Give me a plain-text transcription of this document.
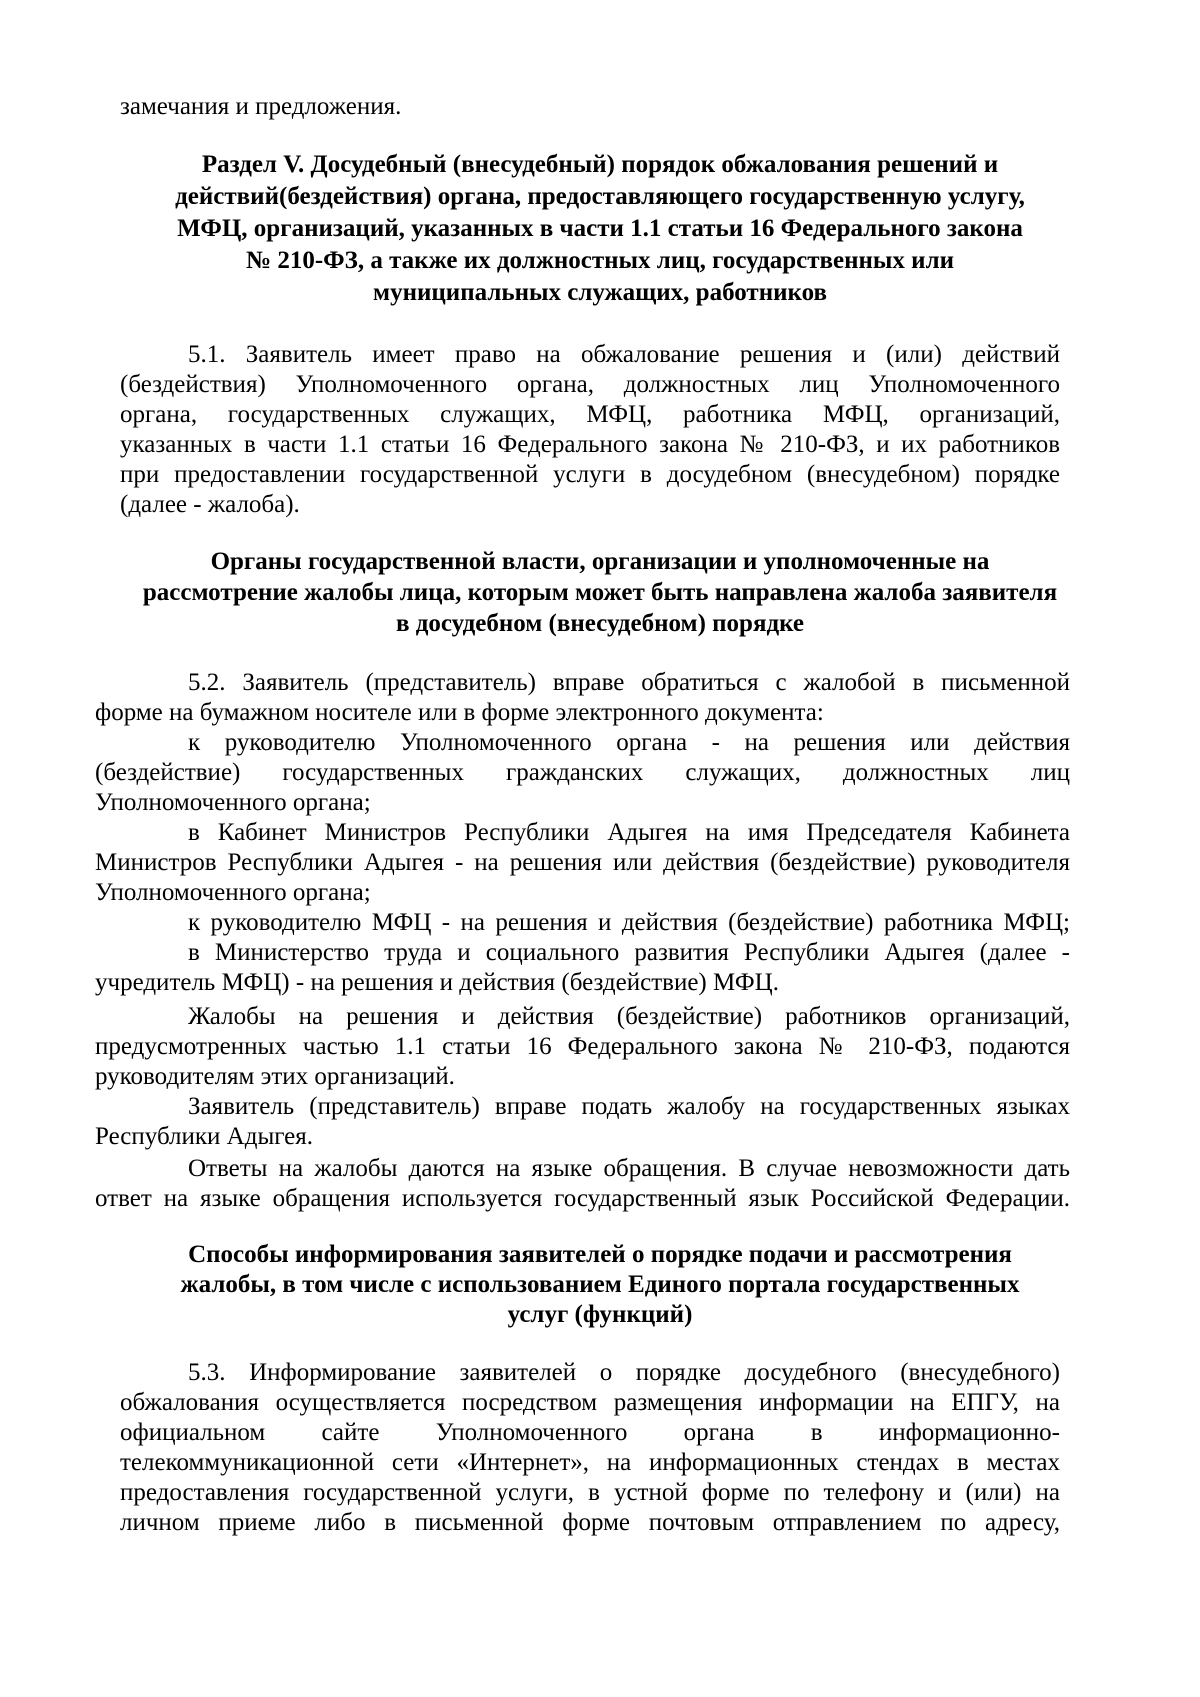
замечания и предложения.
Раздел V. Досудебный (внесудебный) порядок обжалования решений и
действий(бездействия) органа, предоставляющего государственную услугу,
МФЦ, организаций, указанных в части 1.1 статьи 16 Федерального закона
№ 210-ФЗ, а также их должностных лиц, государственных или
муниципальных служащих, работников
5.1. Заявитель имеет право на обжалование решения и (или) действий
(бездействия) Уполномоченного органа, должностных лиц Уполномоченного
органа, государственных служащих, МФЦ, работника МФЦ, организаций,
указанных в части 1.1 статьи 16 Федерального закона № 210-ФЗ, и их работников
при предоставлении государственной услуги в досудебном (внесудебном) порядке
(далее - жалоба).
Органы государственной власти, организации и уполномоченные на
рассмотрение жалобы лица, которым может быть направлена жалоба заявителя
в досудебном (внесудебном) порядке
5.2. Заявитель (представитель) вправе обратиться с жалобой в письменной
форме на бумажном носителе или в форме электронного документа:
к руководителю Уполномоченного органа - на решения или действия
(бездействие) государственных гражданских служащих, должностных лиц
Уполномоченного органа;
в Кабинет Министров Республики Адыгея на имя Председателя Кабинета
Министров Республики Адыгея - на решения или действия (бездействие) руководителя
Уполномоченного органа;
к руководителю МФЦ - на решения и действия (бездействие) работника МФЦ;
в Министерство труда и социального развития Республики Адыгея (далее -
учредитель МФЦ) - на решения и действия (бездействие) МФЦ.
Жалобы на решения и действия (бездействие) работников организаций,
предусмотренных частью 1.1 статьи 16 Федерального закона № 210-ФЗ, подаются
руководителям этих организаций.
Заявитель (представитель) вправе подать жалобу на государственных языках
Республики Адыгея.
Ответы на жалобы даются на языке обращения. В случае невозможности дать
ответ на языке обращения используется государственный язык Российской Федерации.
Способы информирования заявителей о порядке подачи и рассмотрения
жалобы, в том числе с использованием Единого портала государственных
услуг (функций)
5.3. Информирование заявителей о порядке досудебного (внесудебного)
обжалования осуществляется посредством размещения информации на ЕПГУ, на
официальном сайте Уполномоченного органа в информационно-
телекоммуникационной сети «Интернет», на информационных стендах в местах
предоставления государственной услуги, в устной форме по телефону и (или) на
личном приеме либо в письменной форме почтовым отправлением по адресу,
